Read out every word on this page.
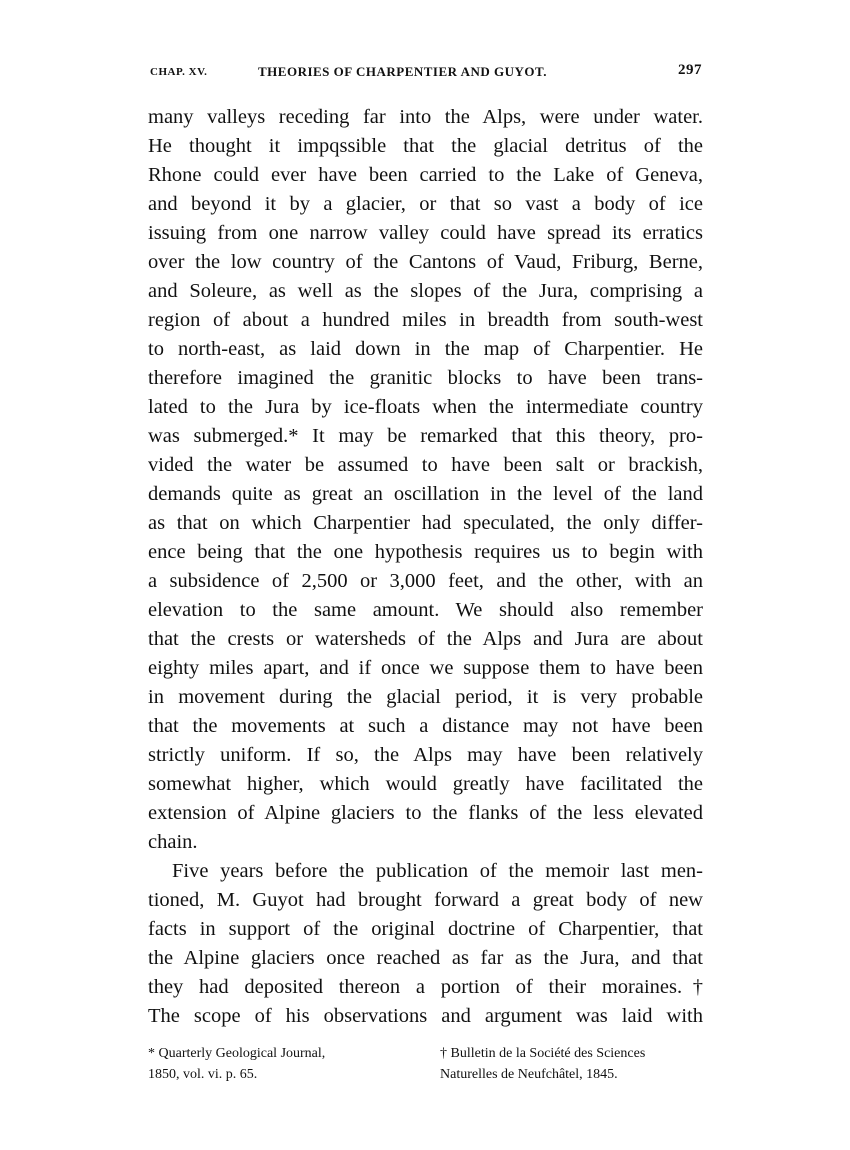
CHAP. XV.	THEORIES OF CHARPENTIER AND GUYOT.	297
many valleys receding far into the Alps, were under water.
He thought it impqssible that the glacial detritus of the
Rhone could ever have been carried to the Lake of Geneva,
and beyond it by a glacier, or that so vast a body of ice
issuing from one narrow valley could have spread its erratics
over the low country of the Cantons of Vaud, Friburg, Berne,
and Soleure, as well as the slopes of the Jura, comprising a
region of about a hundred miles in breadth from south-west
to north-east, as laid down in the map of Charpentier. He
therefore imagined the granitic blocks to have been trans-
lated to the Jura by ice-floats when the intermediate country
was submerged.* It may be remarked that this theory, pro-
vided the water be assumed to have been salt or brackish,
demands quite as great an oscillation in the level of the land
as that on which Charpentier had speculated, the only differ-
ence being that the one hypothesis requires us to begin with
a subsidence of 2,500 or 3,000 feet, and the other, with an
elevation to the same amount. We should also remember
that the crests or watersheds of the Alps and Jura are about
eighty miles apart, and if once we suppose them to have been
in movement during the glacial period, it is very probable
that the movements at such a distance may not have been
strictly uniform. If so, the Alps may have been relatively
somewhat higher, which would greatly have facilitated the
extension of Alpine glaciers to the flanks of the less elevated
chain.
Five years before the publication of the memoir last men-
tioned, M. Guyot had brought forward a great body of new
facts in support of the original doctrine of Charpentier, that
the Alpine glaciers once reached as far as the Jura, and that
they had deposited thereon a portion of their moraines.†
The scope of his observations and argument was laid with
* Quarterly Geological Journal,
1850, vol. vi. p. 65.
† Bulletin de la Société des Sciences
Naturelles de Neufchâtel, 1845.
